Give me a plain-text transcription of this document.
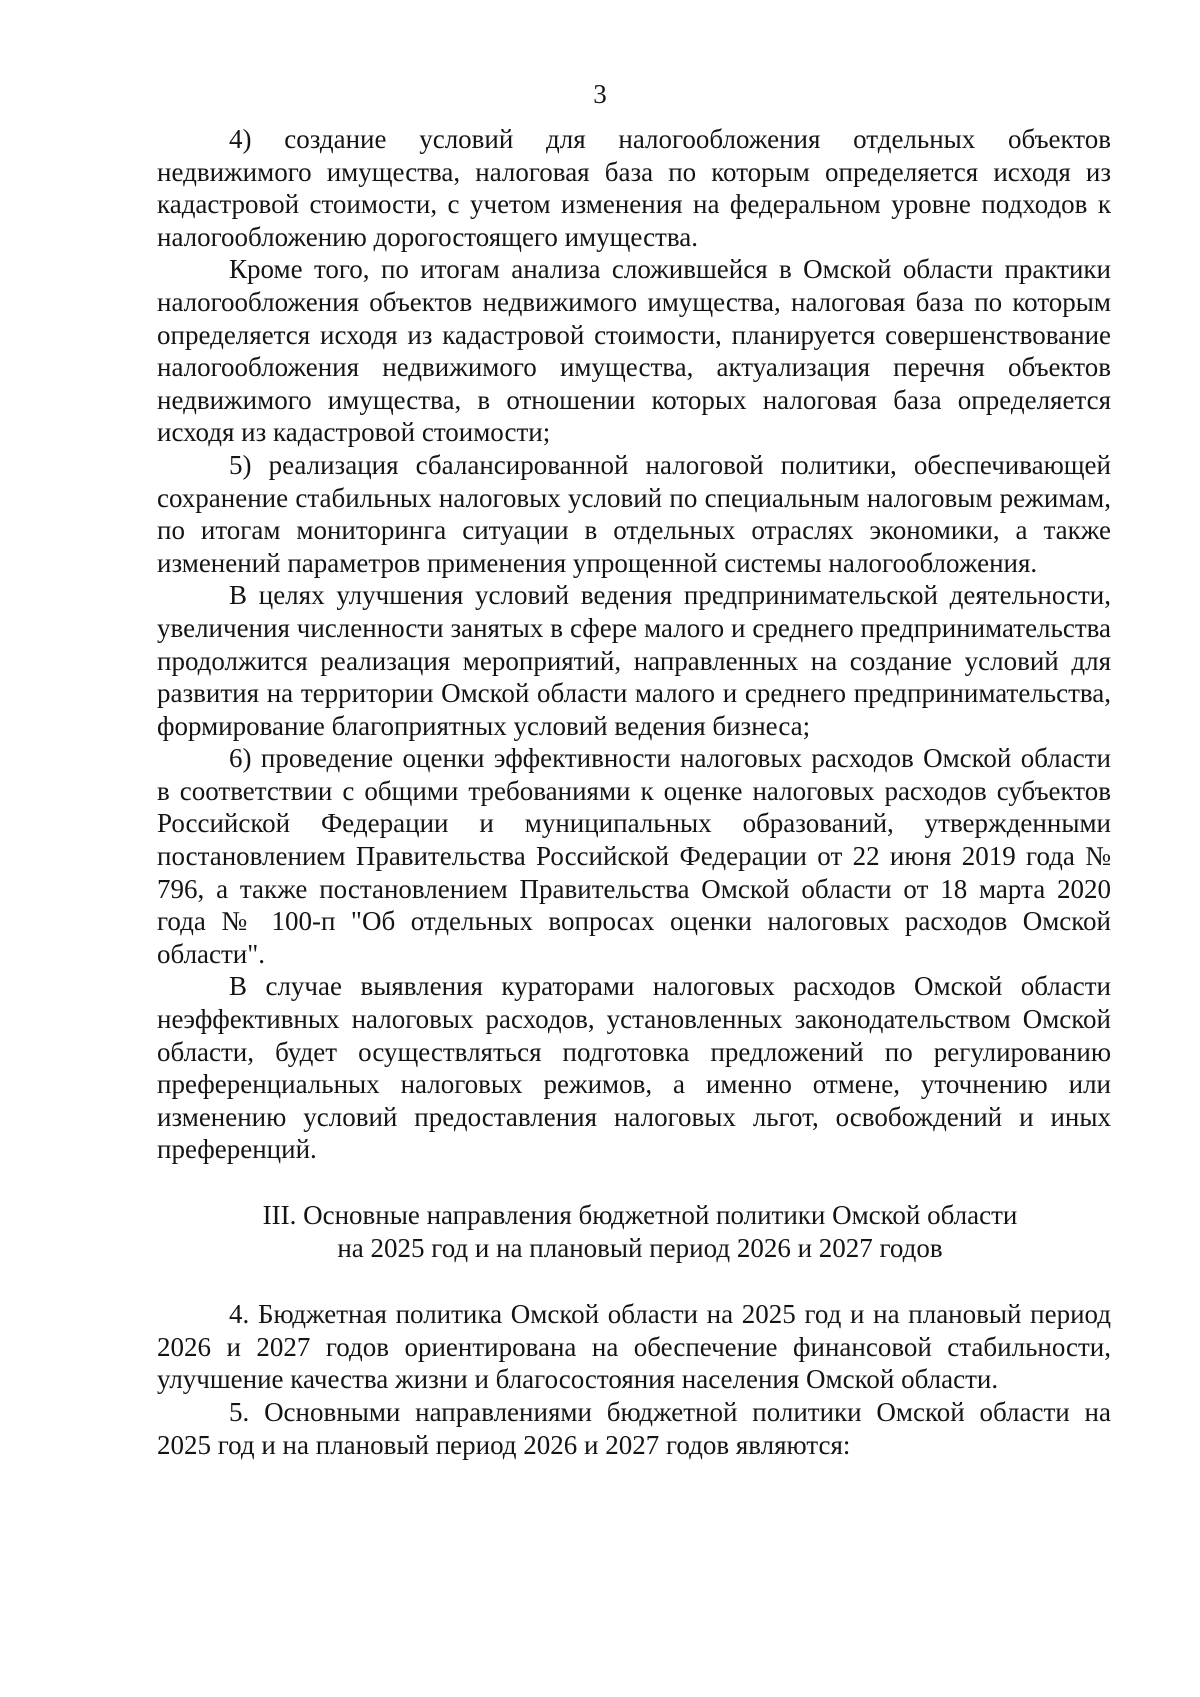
3

4) создание условий для налогообложения отдельных объектов недвижимого имущества, налоговая база по которым определяется исходя из кадастровой стоимости, с учетом изменения на федеральном уровне подходов к налогообложению дорогостоящего имущества.

Кроме того, по итогам анализа сложившейся в Омской области практики налогообложения объектов недвижимого имущества, налоговая база по которым определяется исходя из кадастровой стоимости, планируется совершенствование налогообложения недвижимого имущества, актуализация перечня объектов недвижимого имущества, в отношении которых налоговая база определяется исходя из кадастровой стоимости;

5) реализация сбалансированной налоговой политики, обеспечивающей сохранение стабильных налоговых условий по специальным налоговым режимам, по итогам мониторинга ситуации в отдельных отраслях экономики, а также изменений параметров применения упрощенной системы налогообложения.

В целях улучшения условий ведения предпринимательской деятельности, увеличения численности занятых в сфере малого и среднего предпринимательства продолжится реализация мероприятий, направленных на создание условий для развития на территории Омской области малого и среднего предпринимательства, формирование благоприятных условий ведения бизнеса;

6) проведение оценки эффективности налоговых расходов Омской области в соответствии с общими требованиями к оценке налоговых расходов субъектов Российской Федерации и муниципальных образований, утвержденными постановлением Правительства Российской Федерации от 22 июня 2019 года № 796, а также постановлением Правительства Омской области от 18 марта 2020 года № 100-п "Об отдельных вопросах оценки налоговых расходов Омской области".

В случае выявления кураторами налоговых расходов Омской области неэффективных налоговых расходов, установленных законодательством Омской области, будет осуществляться подготовка предложений по регулированию преференциальных налоговых режимов, а именно отмене, уточнению или изменению условий предоставления налоговых льгот, освобождений и иных преференций.

III. Основные направления бюджетной политики Омской области
на 2025 год и на плановый период 2026 и 2027 годов

4. Бюджетная политика Омской области на 2025 год и на плановый период 2026 и 2027 годов ориентирована на обеспечение финансовой стабильности, улучшение качества жизни и благосостояния населения Омской области.

5. Основными направлениями бюджетной политики Омской области на 2025 год и на плановый период 2026 и 2027 годов являются:
